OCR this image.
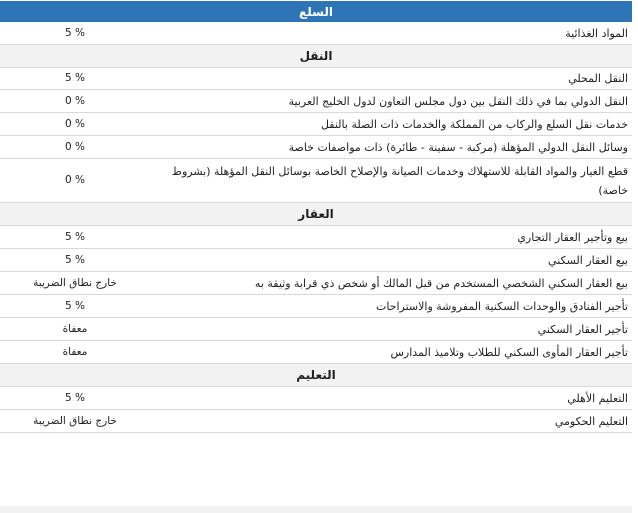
السلع
المواد الغذائية
% 5
النقل
النقل المحلي
% 5
النقل الدولي بما في ذلك النقل بين دول مجلس التعاون لدول الخليج العربية
% 0
خدمات نقل السلع والركاب من المملكة والخدمات ذات الصلة بالنقل
% 0
وسائل النقل الدولي المؤهلة (مركبة - سفينة - طائرة) ذات مواصفات خاصة
% 0
قطع الغيار والمواد القابلة للاستهلاك وخدمات الصيانة والإصلاح الخاصة بوسائل النقل المؤهلة (بشروط خاصة)
% 0
العقار
بيع وتأجير العقار التجاري
% 5
بيع العقار السكني
% 5
بيع العقار السكني الشخصي المستخدم من قبل المالك أو شخص ذي قرابة وثيقة به
خارج نطاق الضريبة
تأجير الفنادق والوحدات السكنية المفروشة والاستراحات
% 5
تأجير العقار السكني
معفاة
تأجير العقار المأوى السكني للطلاب وتلاميذ المدارس
معفاة
التعليم
التعليم الأهلي
% 5
التعليم الحكومي
خارج نطاق الضريبة
